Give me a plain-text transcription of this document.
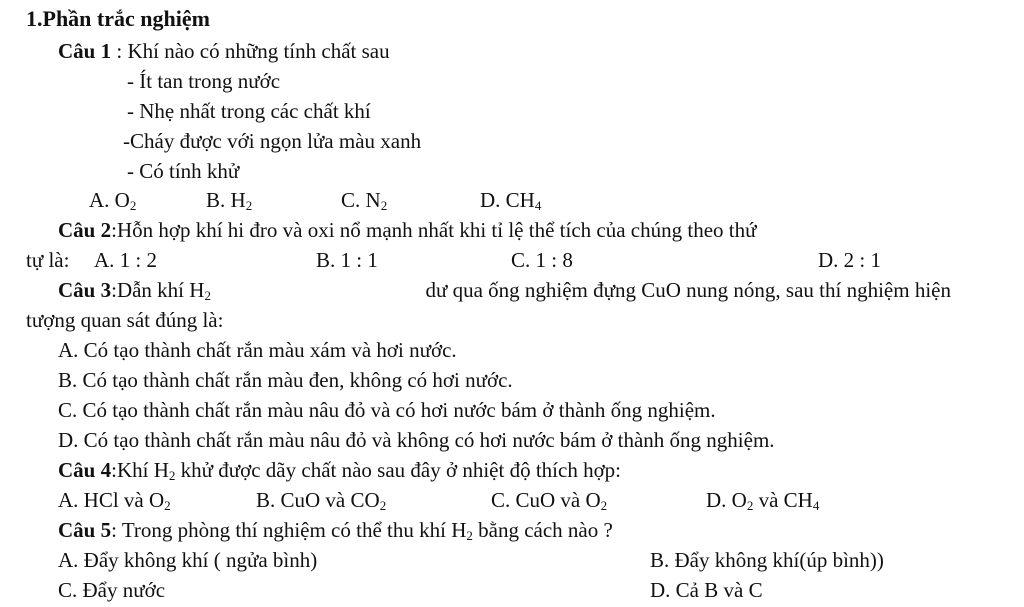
1.Phần trắc nghiệm
Câu 1 : Khí nào có những tính chất sau
- Ít tan trong nước
- Nhẹ nhất trong các chất khí
-Cháy được với ngọn lửa màu xanh
- Có tính khử
A. $O_2$	B. $H_2$	C. $N_2$	D. $CH_4$
Câu 2:Hỗn hợp khí hi đro và oxi nổ mạnh nhất khi tỉ lệ thể tích của chúng theo thứ
tự là: A. 1 : 2	B. 1 : 1	C. 1 : 8	D. 2 : 1
Câu 3:Dẫn khí $H_2$	dư qua ống nghiệm đựng CuO nung nóng, sau thí nghiệm hiện
tượng quan sát đúng là:
A. Có tạo thành chất rắn màu xám và hơi nước.
B. Có tạo thành chất rắn màu đen, không có hơi nước.
C. Có tạo thành chất rắn màu nâu đỏ và có hơi nước bám ở thành ống nghiệm.
D. Có tạo thành chất rắn màu nâu đỏ và không có hơi nước bám ở thành ống nghiệm.
Câu 4:Khí $H_2$ khử được dãy chất nào sau đây ở nhiệt độ thích hợp:
A. HCl và $O_2$	B. CuO và $CO_2$	C. CuO và $O_2$	D. $O_2$ và $CH_4$
Câu 5: Trong phòng thí nghiệm có thể thu khí $H_2$ bằng cách nào ?
A. Đẩy không khí ( ngửa bình)	B. Đẩy không khí(úp bình))
C. Đẩy nước	D. Cả B và C
